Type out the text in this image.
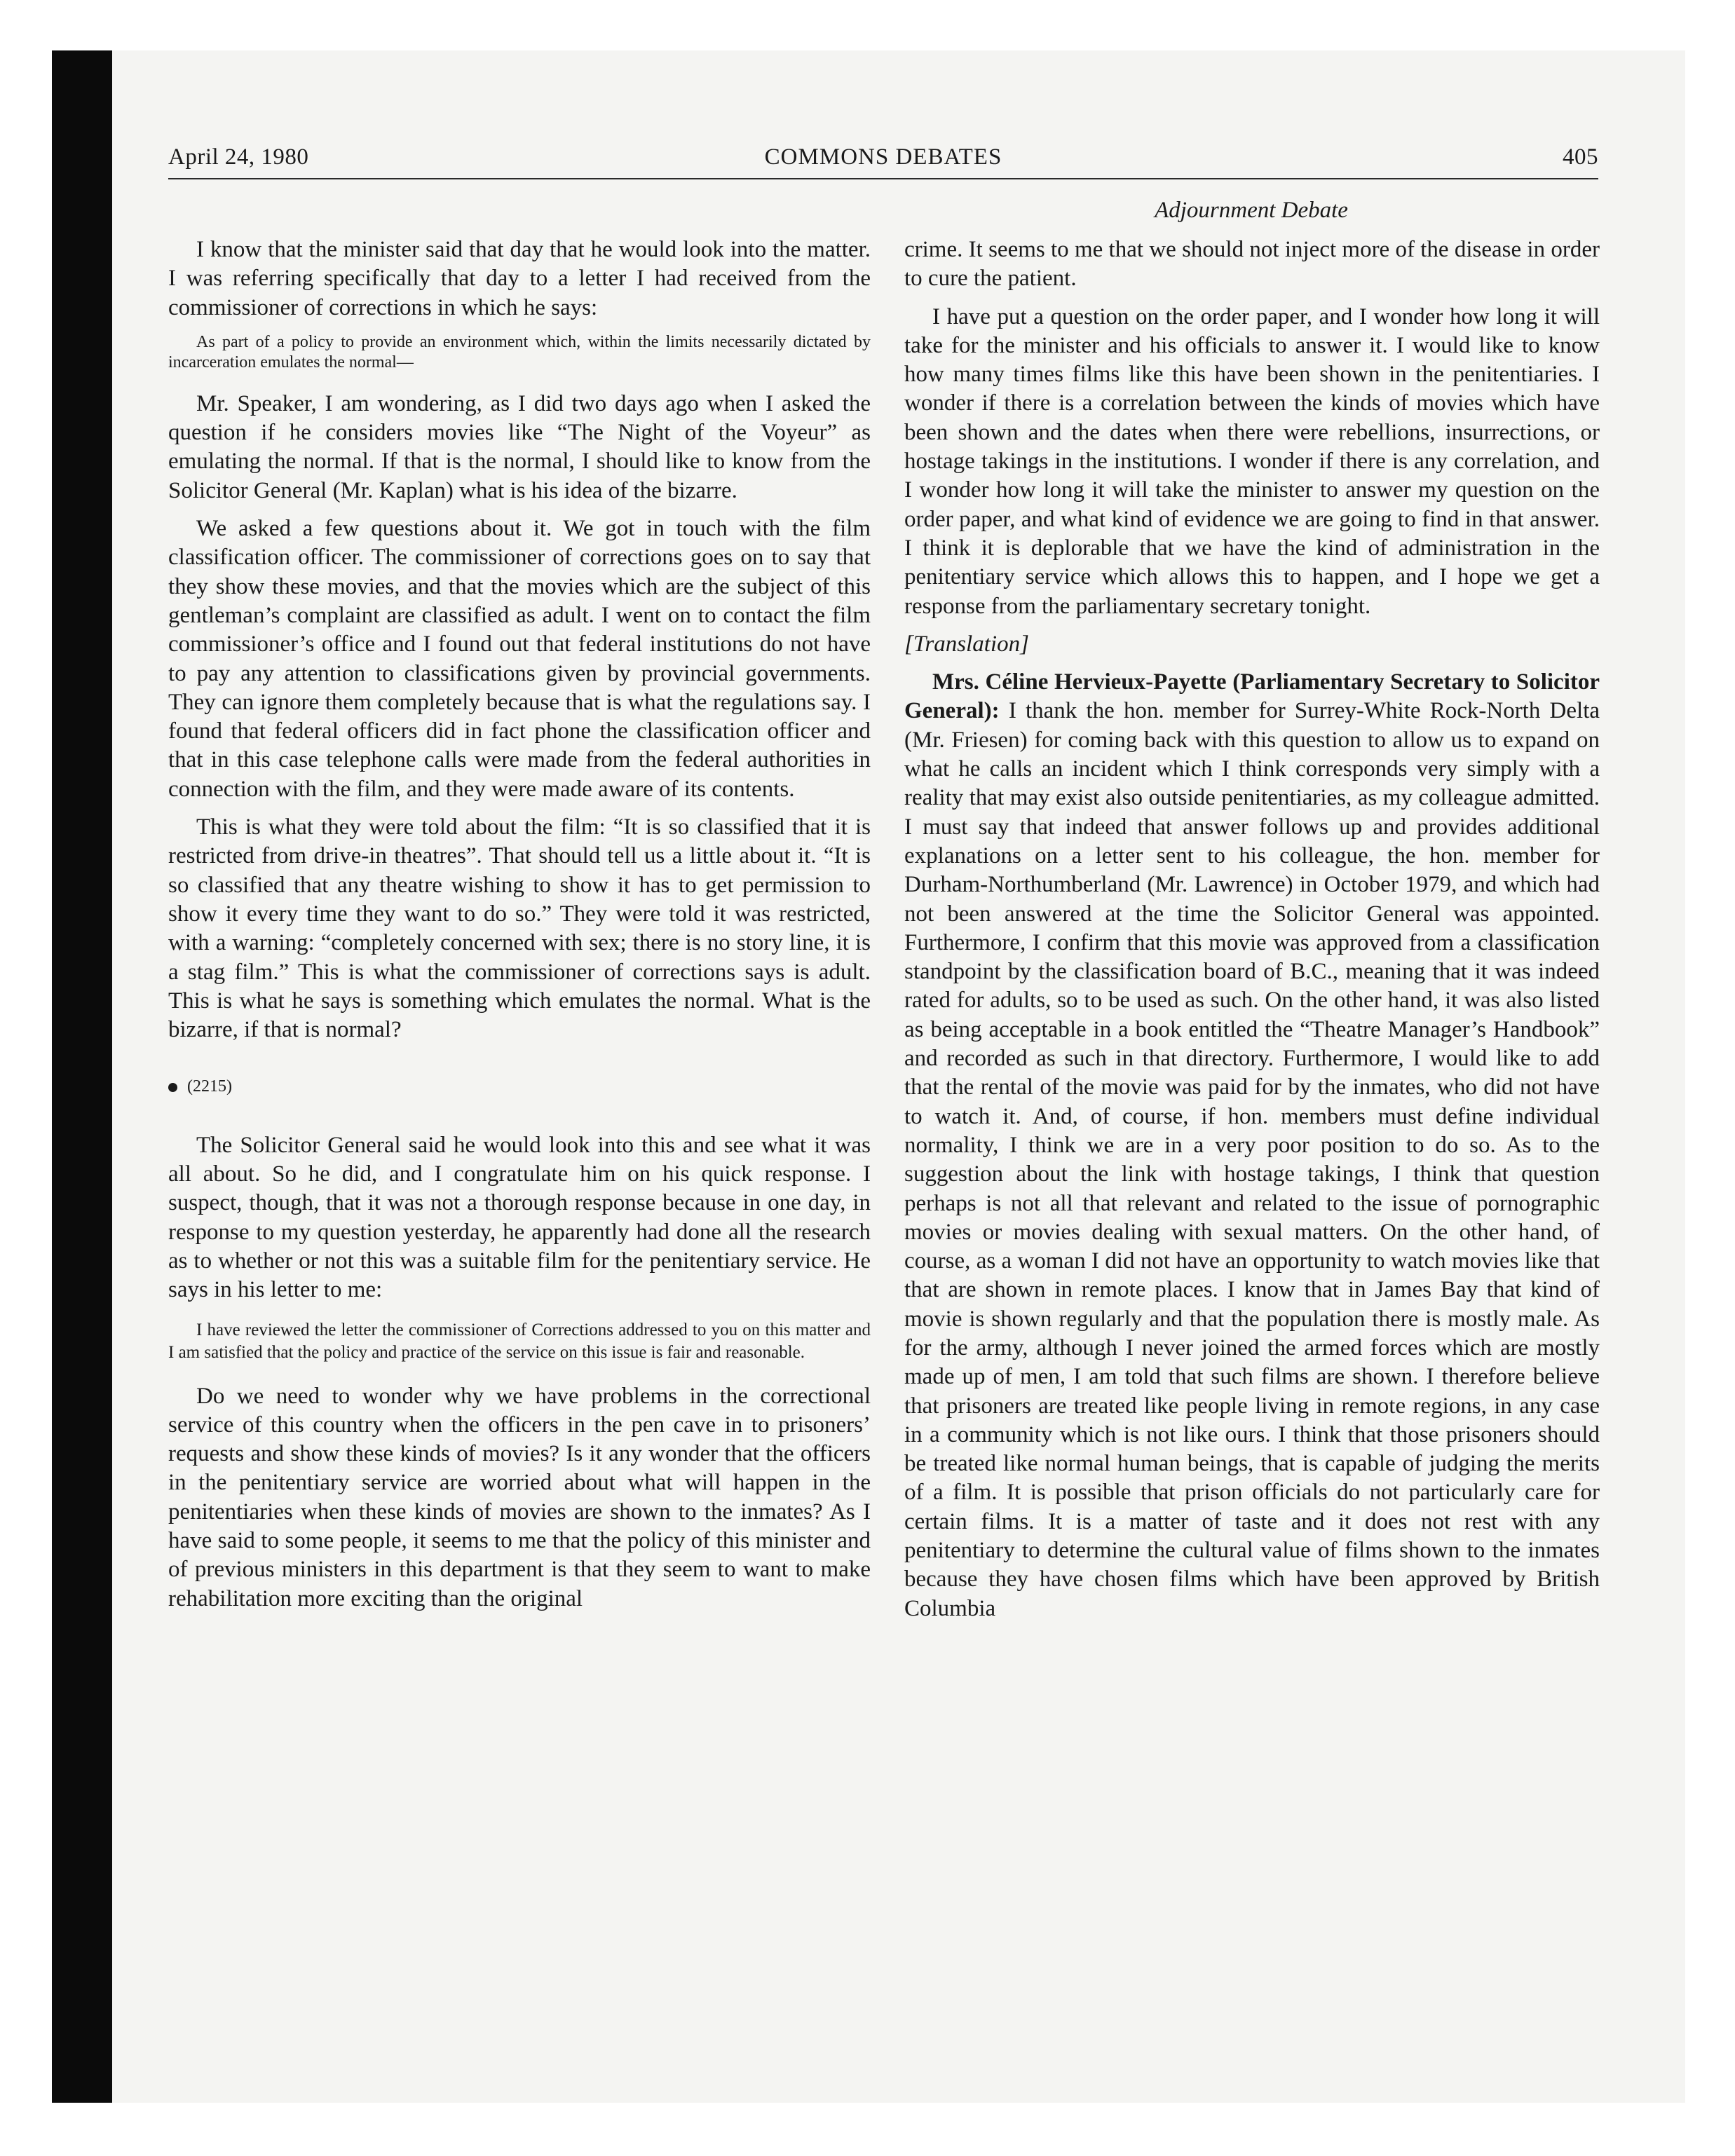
April 24, 1980	COMMONS DEBATES	405
Adjournment Debate

I know that the minister said that day that he would look into the matter. I was referring specifically that day to a letter I had received from the commissioner of corrections in which he says:

As part of a policy to provide an environment which, within the limits necessarily dictated by incarceration emulates the normal—

Mr. Speaker, I am wondering, as I did two days ago when I asked the question if he considers movies like “The Night of the Voyeur” as emulating the normal. If that is the normal, I should like to know from the Solicitor General (Mr. Kaplan) what is his idea of the bizarre.

We asked a few questions about it. We got in touch with the film classification officer. The commissioner of corrections goes on to say that they show these movies, and that the movies which are the subject of this gentleman’s complaint are classified as adult. I went on to contact the film commissioner’s office and I found out that federal institutions do not have to pay any attention to classifications given by provincial governments. They can ignore them completely because that is what the regulations say. I found that federal officers did in fact phone the classification officer and that in this case telephone calls were made from the federal authorities in connection with the film, and they were made aware of its contents.

This is what they were told about the film: “It is so classified that it is restricted from drive-in theatres”. That should tell us a little about it. “It is so classified that any theatre wishing to show it has to get permission to show it every time they want to do so.” They were told it was restricted, with a warning: “completely concerned with sex; there is no story line, it is a stag film.” This is what the commissioner of corrections says is adult. This is what he says is something which emulates the normal. What is the bizarre, if that is normal?

(2215)

The Solicitor General said he would look into this and see what it was all about. So he did, and I congratulate him on his quick response. I suspect, though, that it was not a thorough response because in one day, in response to my question yesterday, he apparently had done all the research as to whether or not this was a suitable film for the penitentiary service. He says in his letter to me:

I have reviewed the letter the commissioner of Corrections addressed to you on this matter and I am satisfied that the policy and practice of the service on this issue is fair and reasonable.

Do we need to wonder why we have problems in the correctional service of this country when the officers in the pen cave in to prisoners’ requests and show these kinds of movies? Is it any wonder that the officers in the penitentiary service are worried about what will happen in the penitentiaries when these kinds of movies are shown to the inmates? As I have said to some people, it seems to me that the policy of this minister and of previous ministers in this department is that they seem to want to make rehabilitation more exciting than the original

crime. It seems to me that we should not inject more of the disease in order to cure the patient.

I have put a question on the order paper, and I wonder how long it will take for the minister and his officials to answer it. I would like to know how many times films like this have been shown in the penitentiaries. I wonder if there is a correlation between the kinds of movies which have been shown and the dates when there were rebellions, insurrections, or hostage takings in the institutions. I wonder if there is any correlation, and I wonder how long it will take the minister to answer my question on the order paper, and what kind of evidence we are going to find in that answer. I think it is deplorable that we have the kind of administration in the penitentiary service which allows this to happen, and I hope we get a response from the parliamentary secretary tonight.

[Translation]

Mrs. Céline Hervieux-Payette (Parliamentary Secretary to Solicitor General): I thank the hon. member for Surrey-White Rock-North Delta (Mr. Friesen) for coming back with this question to allow us to expand on what he calls an incident which I think corresponds very simply with a reality that may exist also outside penitentiaries, as my colleague admitted. I must say that indeed that answer follows up and provides additional explanations on a letter sent to his colleague, the hon. member for Durham-Northumberland (Mr. Lawrence) in October 1979, and which had not been answered at the time the Solicitor General was appointed. Furthermore, I confirm that this movie was approved from a classification standpoint by the classification board of B.C., meaning that it was indeed rated for adults, so to be used as such. On the other hand, it was also listed as being acceptable in a book entitled the “Theatre Manager’s Handbook” and recorded as such in that directory. Furthermore, I would like to add that the rental of the movie was paid for by the inmates, who did not have to watch it. And, of course, if hon. members must define individual normality, I think we are in a very poor position to do so. As to the suggestion about the link with hostage takings, I think that question perhaps is not all that relevant and related to the issue of pornographic movies or movies dealing with sexual matters. On the other hand, of course, as a woman I did not have an opportunity to watch movies like that that are shown in remote places. I know that in James Bay that kind of movie is shown regularly and that the population there is mostly male. As for the army, although I never joined the armed forces which are mostly made up of men, I am told that such films are shown. I therefore believe that prisoners are treated like people living in remote regions, in any case in a community which is not like ours. I think that those prisoners should be treated like normal human beings, that is capable of judging the merits of a film. It is possible that prison officials do not particularly care for certain films. It is a matter of taste and it does not rest with any penitentiary to determine the cultural value of films shown to the inmates because they have chosen films which have been approved by British Columbia
